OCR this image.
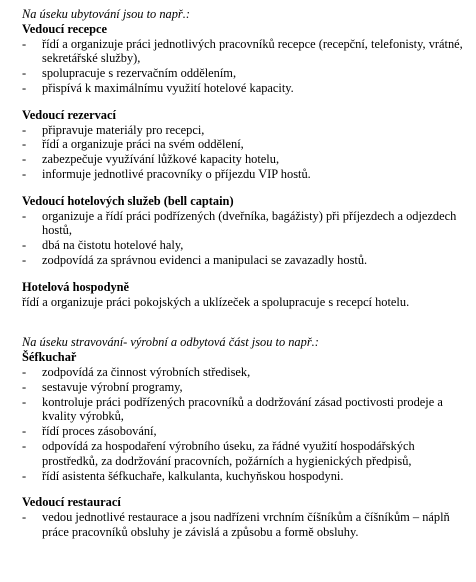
Na úseku ubytování jsou to např.:

Vedoucí recepce
- řídí a organizuje práci jednotlivých pracovníků recepce (recepční, telefonisty, vrátné, sekretářské služby),
- spolupracuje s rezervačním oddělením,
- přispívá k maximálnímu využití hotelové kapacity.
Vedoucí rezervací
- připravuje materiály pro recepci,
- řídí a organizuje práci na svém oddělení,
- zabezpečuje využívání lůžkové kapacity hotelu,
- informuje jednotlivé pracovníky o příjezdu VIP hostů.
Vedoucí hotelových služeb (bell captain)
- organizuje a řídí práci podřízených (dveřníka, bagážisty) při příjezdech a odjezdech hostů,
- dbá na čistotu hotelové haly,
- zodpovídá za správnou evidenci a manipulaci se zavazadly hostů.
Hotelová hospodyně
řídí a organizuje práci pokojských a uklízeček a spolupracuje s recepcí hotelu.

Na úseku stravování- výrobní a odbytová část jsou to např.:

Šéfkuchař
- zodpovídá za činnost výrobních středisek,
- sestavuje výrobní programy,
- kontroluje práci podřízených pracovníků a dodržování zásad poctivosti prodeje a kvality výrobků,
- řídí proces zásobování,
- odpovídá za hospodaření výrobního úseku, za řádné využití hospodářských prostředků, za dodržování pracovních, požárních a hygienických předpisů,
- řídí asistenta šéfkuchaře, kalkulanta, kuchyňskou hospodyni.
Vedoucí restaurací
- vedou jednotlivé restaurace a jsou nadřízeni vrchním číšníkům a číšníkům – náplň práce pracovníků obsluhy je závislá a způsobu a formě obsluhy.
